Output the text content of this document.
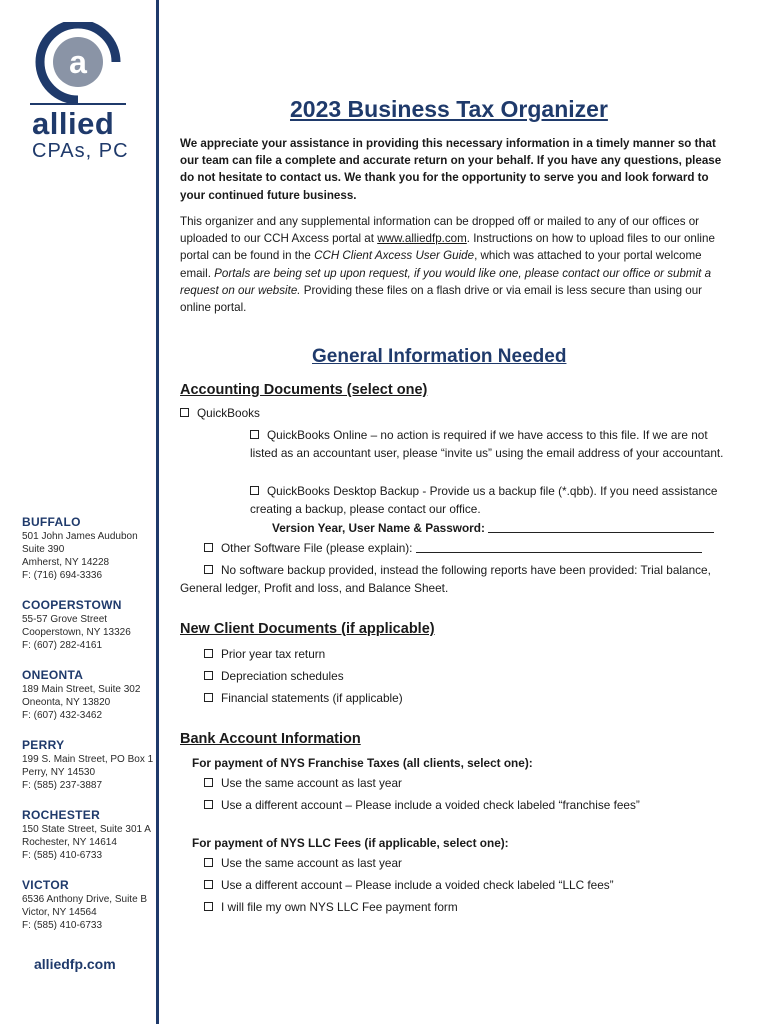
a
allied
CPAs, PC
BUFFALO
501 John James Audubon
Suite 390
Amherst, NY 14228
F: (716) 694-3336
COOPERSTOWN
55-57 Grove Street
Cooperstown, NY 13326
F: (607) 282-4161
ONEONTA
189 Main Street, Suite 302
Oneonta, NY 13820
F: (607) 432-3462
PERRY
199 S. Main Street, PO Box 1
Perry, NY 14530
F: (585) 237-3887
ROCHESTER
150 State Street, Suite 301 A
Rochester, NY 14614
F: (585) 410-6733
VICTOR
6536 Anthony Drive, Suite B
Victor, NY 14564
F: (585) 410-6733
alliedfp.com
2023 Business Tax Organizer
We appreciate your assistance in providing this necessary information in a timely manner so that our team can file a complete and accurate return on your behalf. If you have any questions, please do not hesitate to contact us. We thank you for the opportunity to serve you and look forward to your continued future business.
This organizer and any supplemental information can be dropped off or mailed to any of our offices or uploaded to our CCH Axcess portal at www.alliedfp.com. Instructions on how to upload files to our online portal can be found in the CCH Client Axcess User Guide, which was attached to your portal welcome email. Portals are being set up upon request, if you would like one, please contact our office or submit a request on our website. Providing these files on a flash drive or via email is less secure than using our online portal.
General Information Needed
Accounting Documents (select one)
QuickBooks
QuickBooks Online – no action is required if we have access to this file. If we are not listed as an accountant user, please “invite us” using the email address of your accountant.
QuickBooks Desktop Backup - Provide us a backup file (*.qbb). If you need assistance creating a backup, please contact our office.
Version Year, User Name & Password:
Other Software File (please explain):
No software backup provided, instead the following reports have been provided: Trial balance, General ledger, Profit and loss, and Balance Sheet.
New Client Documents (if applicable)
Prior year tax return
Depreciation schedules
Financial statements (if applicable)
Bank Account Information
For payment of NYS Franchise Taxes (all clients, select one):
Use the same account as last year
Use a different account – Please include a voided check labeled “franchise fees”
For payment of NYS LLC Fees (if applicable, select one):
Use the same account as last year
Use a different account – Please include a voided check labeled “LLC fees”
I will file my own NYS LLC Fee payment form
